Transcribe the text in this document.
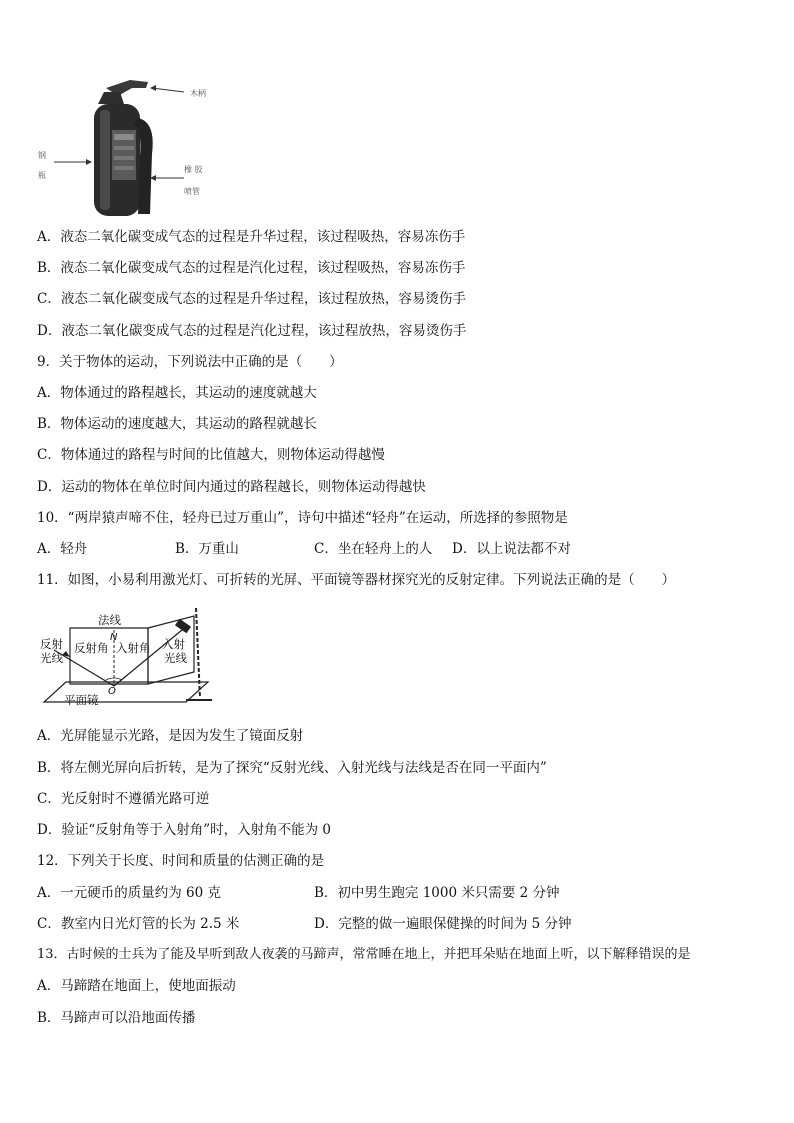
木柄
钢
瓶
橡 胶
喷管
A．液态二氧化碳变成气态的过程是升华过程，该过程吸热，容易冻伤手
B．液态二氧化碳变成气态的过程是汽化过程，该过程吸热，容易冻伤手
C．液态二氧化碳变成气态的过程是升华过程，该过程放热，容易烫伤手
D．液态二氧化碳变成气态的过程是汽化过程，该过程放热，容易烫伤手
9．关于物体的运动，下列说法中正确的是（　　）
A．物体通过的路程越长，其运动的速度就越大
B．物体运动的速度越大，其运动的路程就越长
C．物体通过的路程与时间的比值越大，则物体运动得越慢
D．运动的物体在单位时间内通过的路程越长，则物体运动得越快
10．“两岸猿声啼不住，轻舟已过万重山”，诗句中描述“轻舟”在运动，所选择的参照物是
A．轻舟	B．万重山	C．坐在轻舟上的人 D．以上说法都不对
11．如图，小易利用激光灯、可折转的光屏、平面镜等器材探究光的反射定律。下列说法正确的是（　　）
法线
N
反射
光线
反射角 入射角 入射
光线
O
平面镜
A．光屏能显示光路，是因为发生了镜面反射
B．将左侧光屏向后折转，是为了探究“反射光线、入射光线与法线是否在同一平面内”
C．光反射时不遵循光路可逆
D．验证“反射角等于入射角”时，入射角不能为 0
12．下列关于长度、时间和质量的估测正确的是
A．一元硬币的质量约为 60 克	B．初中男生跑完 1000 米只需要 2 分钟
C．教室内日光灯管的长为 2.5 米	D．完整的做一遍眼保健操的时间为 5 分钟
13．古时候的士兵为了能及早听到敌人夜袭的马蹄声，常常睡在地上，并把耳朵贴在地面上听，以下解释错误的是
A．马蹄踏在地面上，使地面振动
B．马蹄声可以沿地面传播
